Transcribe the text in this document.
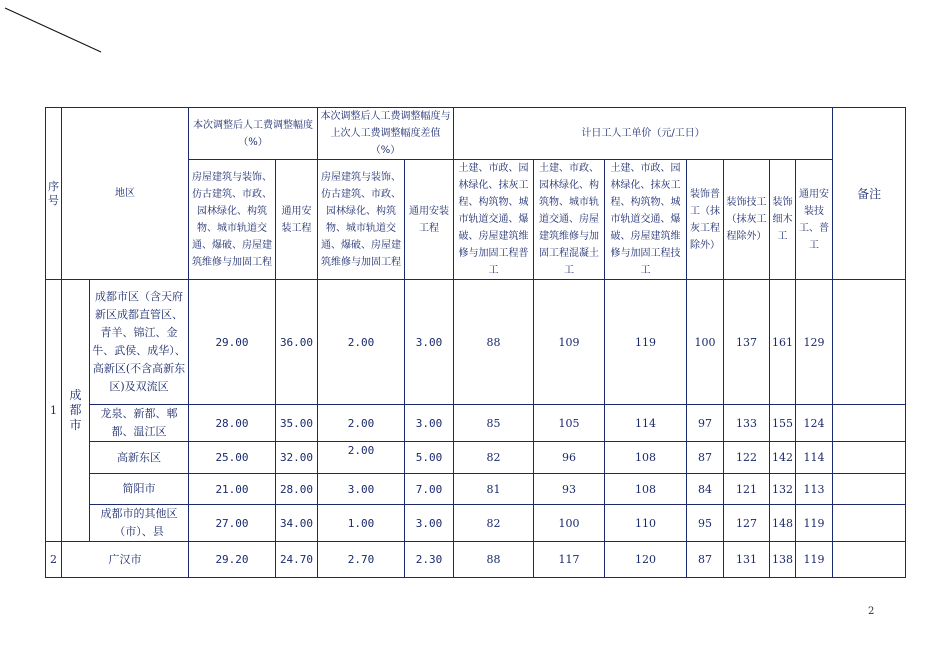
序号	地区		本次调整后人工费调整幅度（%）		本次调整后人工费调整幅度与上次人工费调整幅度差值（%）		计日工人工单价（元/工日）							备注
			房屋建筑与装饰、仿古建筑、市政、园林绿化、构筑物、城市轨道交通、爆破、房屋建筑维修与加固工程	通用安装工程	房屋建筑与装饰、仿古建筑、市政、园林绿化、构筑物、城市轨道交通、爆破、房屋建筑维修与加固工程	通用安装工程	土建、市政、园林绿化、抹灰工程、构筑物、城市轨道交通、爆破、房屋建筑维修与加固工程普工	土建、市政、园林绿化、构筑物、城市轨道交通、房屋建筑维修与加固工程混凝土工	土建、市政、园林绿化、抹灰工程、构筑物、城市轨道交通、爆破、房屋建筑维修与加固工程技工	装饰普工（抹灰工程除外）	装饰技工（抹灰工程除外）	装饰细木工	通用安装技工、普工	
1	成都市	成都市区（含天府新区成都直管区、青羊、锦江、金牛、武侯、成华）、高新区(不含高新东区)及双流区	29.00	36.00	2.00	3.00	88	109	119	100	137	161	129	
		龙泉、新都、郫都、温江区	28.00	35.00	2.00	3.00	85	105	114	97	133	155	124	
		高新东区	25.00	32.00	2.00	5.00	82	96	108	87	122	142	114	
		简阳市	21.00	28.00	3.00	7.00	81	93	108	84	121	132	113	
		成都市的其他区（市）、县	27.00	34.00	1.00	3.00	82	100	110	95	127	148	119	
2	广汉市		29.20	24.70	2.70	2.30	88	117	120	87	131	138	119	
2
